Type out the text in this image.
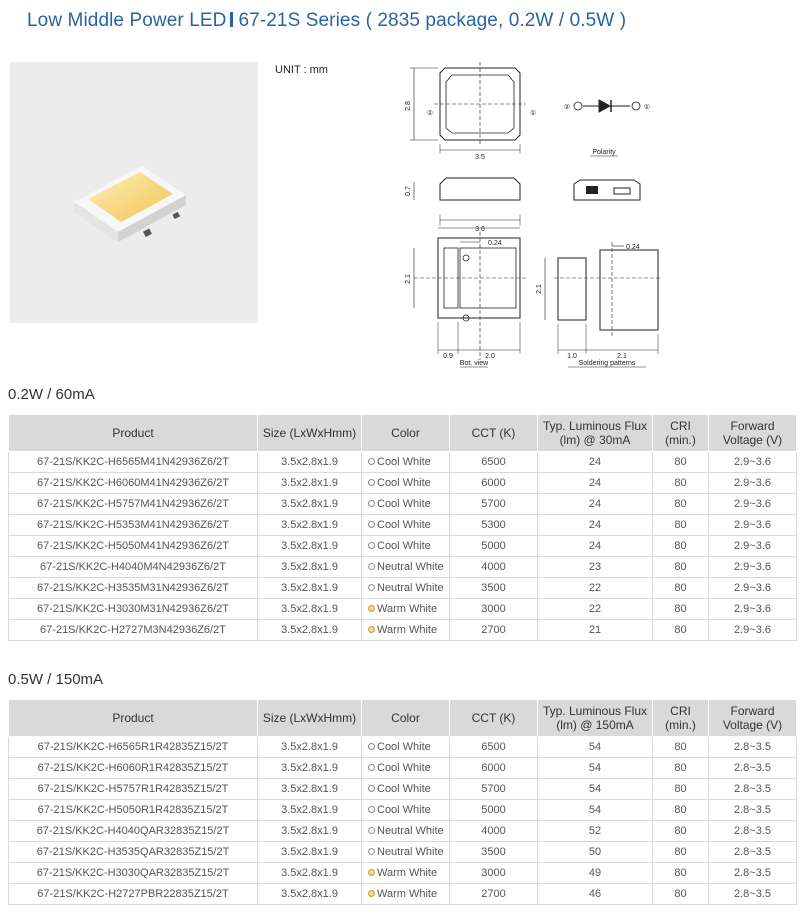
Low Middle Power LED 67-21S Series ( 2835 package, 0.2W / 0.5W )
UNIT : mm
②	①
②	①
Polarity
2.8
3.5
0.7
3.6
0.24
0.24
2.1
2.1
0.9	2.0	1.0	2.1
Bot. view	Soldering patterns
0.2W / 60mA
Product	Size (LxWxHmm)	Color	CCT (K)	Typ. Luminous Flux (lm) @ 30mA	CRI (min.)	Forward Voltage (V)
67-21S/KK2C-H6565M41N42936Z6/2T	3.5x2.8x1.9	Cool White	6500	24	80	2.9~3.6
67-21S/KK2C-H6060M41N42936Z6/2T	3.5x2.8x1.9	Cool White	6000	24	80	2.9~3.6
67-21S/KK2C-H5757M41N42936Z6/2T	3.5x2.8x1.9	Cool White	5700	24	80	2.9~3.6
67-21S/KK2C-H5353M41N42936Z6/2T	3.5x2.8x1.9	Cool White	5300	24	80	2.9~3.6
67-21S/KK2C-H5050M41N42936Z6/2T	3.5x2.8x1.9	Cool White	5000	24	80	2.9~3.6
67-21S/KK2C-H4040M4N42936Z6/2T	3.5x2.8x1.9	Neutral White	4000	23	80	2.9~3.6
67-21S/KK2C-H3535M31N42936Z6/2T	3.5x2.8x1.9	Neutral White	3500	22	80	2.9~3.6
67-21S/KK2C-H3030M31N42936Z6/2T	3.5x2.8x1.9	Warm White	3000	22	80	2.9~3.6
67-21S/KK2C-H2727M3N42936Z6/2T	3.5x2.8x1.9	Warm White	2700	21	80	2.9~3.6
0.5W / 150mA
Product	Size (LxWxHmm)	Color	CCT (K)	Typ. Luminous Flux (lm) @ 150mA	CRI (min.)	Forward Voltage (V)
67-21S/KK2C-H6565R1R42835Z15/2T	3.5x2.8x1.9	Cool White	6500	54	80	2.8~3.5
67-21S/KK2C-H6060R1R42835Z15/2T	3.5x2.8x1.9	Cool White	6000	54	80	2.8~3.5
67-21S/KK2C-H5757R1R42835Z15/2T	3.5x2.8x1.9	Cool White	5700	54	80	2.8~3.5
67-21S/KK2C-H5050R1R42835Z15/2T	3.5x2.8x1.9	Cool White	5000	54	80	2.8~3.5
67-21S/KK2C-H4040QAR32835Z15/2T	3.5x2.8x1.9	Neutral White	4000	52	80	2.8~3.5
67-21S/KK2C-H3535QAR32835Z15/2T	3.5x2.8x1.9	Neutral White	3500	50	80	2.8~3.5
67-21S/KK2C-H3030QAR32835Z15/2T	3.5x2.8x1.9	Warm White	3000	49	80	2.8~3.5
67-21S/KK2C-H2727PBR22835Z15/2T	3.5x2.8x1.9	Warm White	2700	46	80	2.8~3.5
